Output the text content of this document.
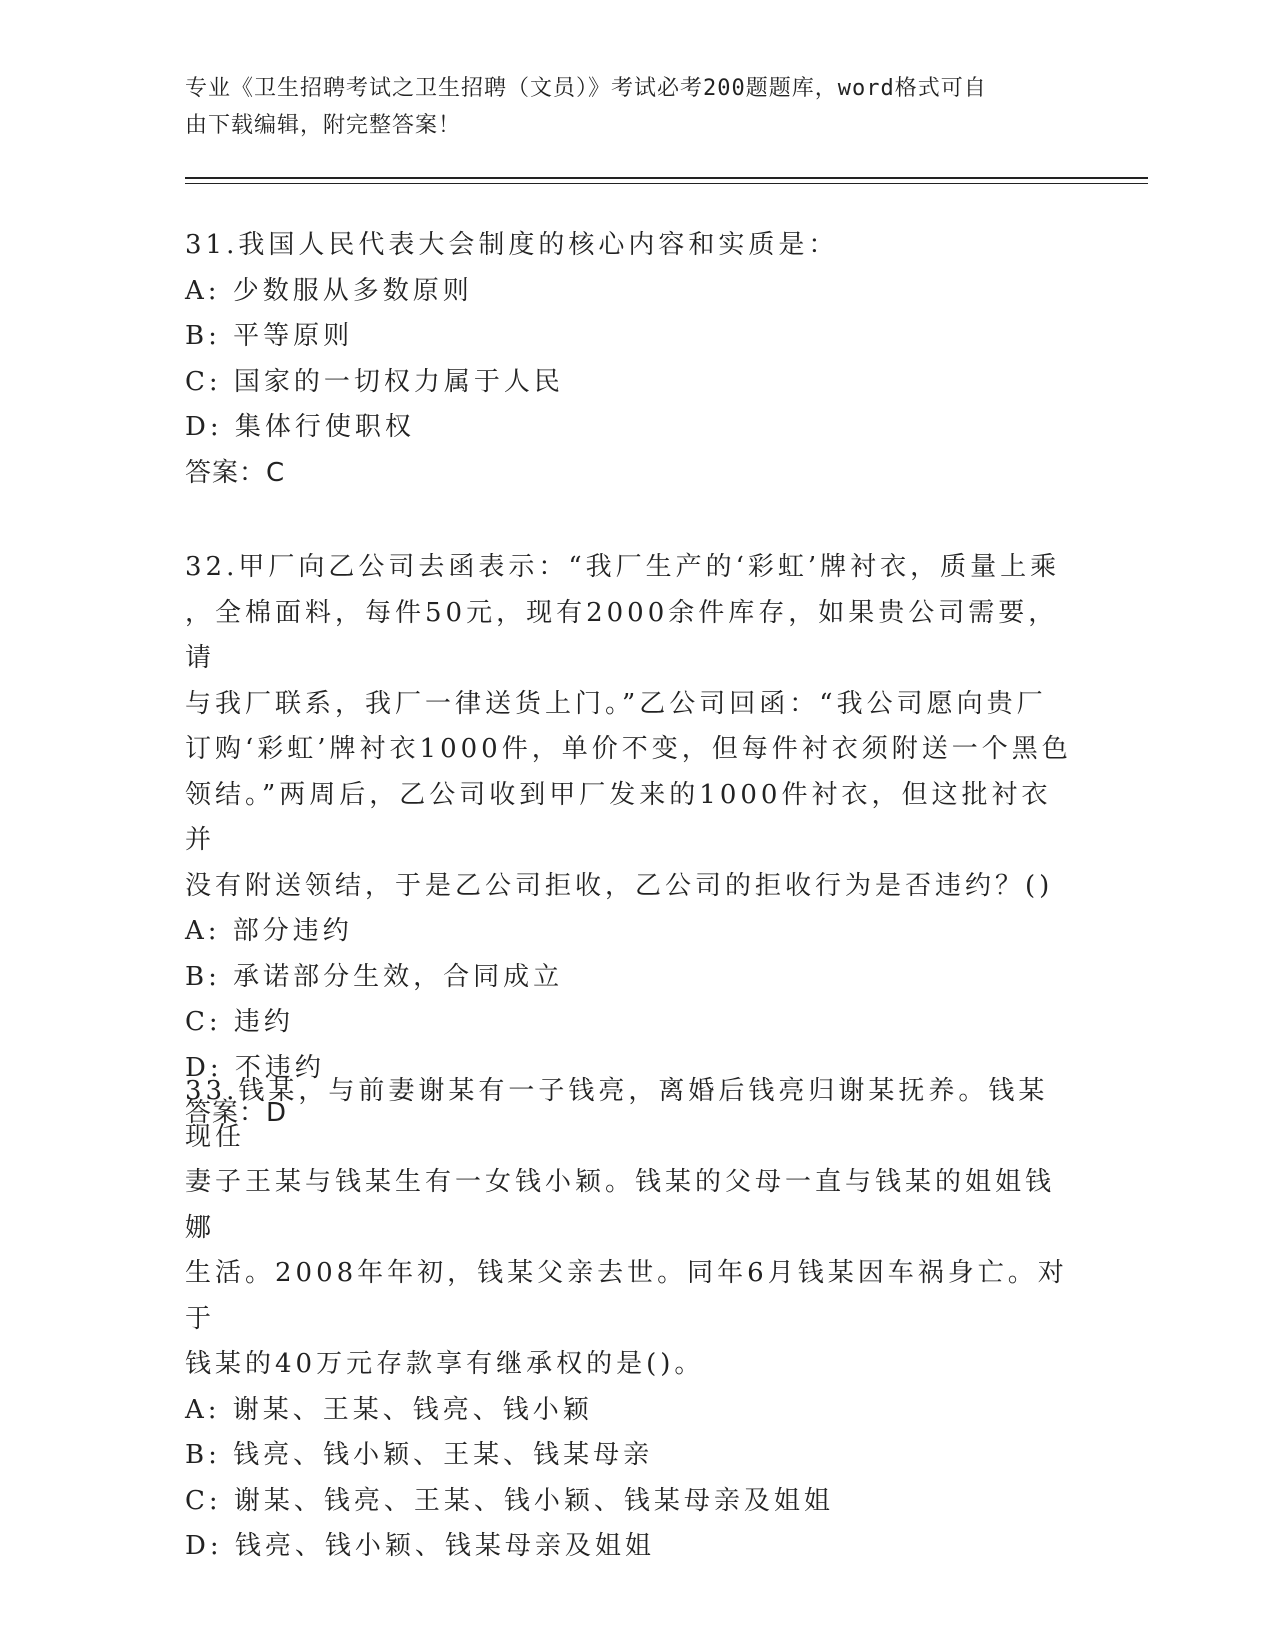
专业《卫生招聘考试之卫生招聘（文员）》考试必考200题题库，word格式可自
由下载编辑，附完整答案！

31.我国人民代表大会制度的核心内容和实质是：

A: 少数服从多数原则

B: 平等原则

C: 国家的一切权力属于人民

D: 集体行使职权

答案：C

32.甲厂向乙公司去函表示：“我厂生产的‘彩虹’牌衬衣，质量上乘

，全棉面料，每件50元，现有2000余件库存，如果贵公司需要，请

与我厂联系，我厂一律送货上门。”乙公司回函：“我公司愿向贵厂

订购‘彩虹’牌衬衣1000件，单价不变，但每件衬衣须附送一个黑色

领结。”两周后，乙公司收到甲厂发来的1000件衬衣，但这批衬衣并

没有附送领结，于是乙公司拒收，乙公司的拒收行为是否违约？()

A: 部分违约

B: 承诺部分生效，合同成立

C: 违约

D: 不违约

答案：D

33.钱某，与前妻谢某有一子钱亮，离婚后钱亮归谢某抚养。钱某现任

妻子王某与钱某生有一女钱小颖。钱某的父母一直与钱某的姐姐钱娜

生活。2008年年初，钱某父亲去世。同年6月钱某因车祸身亡。对于

钱某的40万元存款享有继承权的是()。

A: 谢某、王某、钱亮、钱小颖

B: 钱亮、钱小颖、王某、钱某母亲

C: 谢某、钱亮、王某、钱小颖、钱某母亲及姐姐

D: 钱亮、钱小颖、钱某母亲及姐姐
